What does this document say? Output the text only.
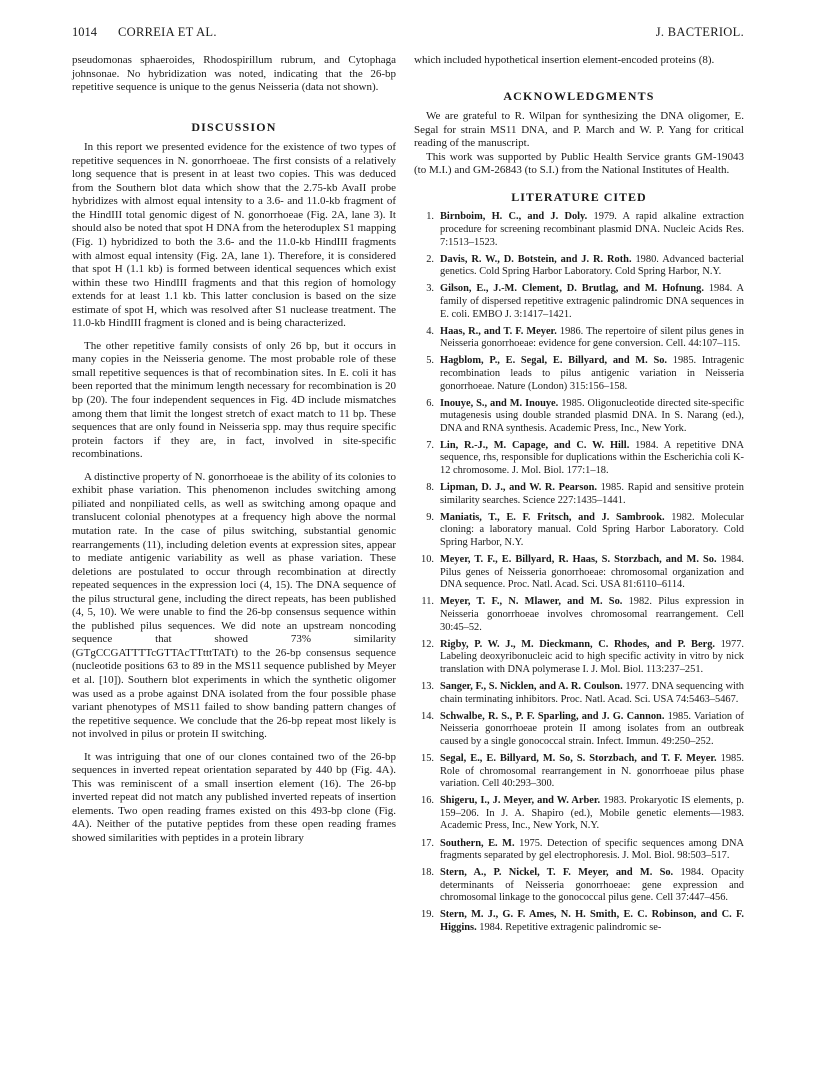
1014 CORREIA ET AL.	J. BACTERIOL.

pseudomonas sphaeroides, Rhodospirillum rubrum, and Cytophaga johnsonae. No hybridization was noted, indicating that the 26-bp repetitive sequence is unique to the genus Neisseria (data not shown).

DISCUSSION

In this report we presented evidence for the existence of two types of repetitive sequences in N. gonorrhoeae. The first consists of a relatively long sequence that is present in at least two copies. This was deduced from the Southern blot data which show that the 2.75-kb AvaII probe hybridizes with almost equal intensity to a 3.6- and 11.0-kb fragment of the HindIII total genomic digest of N. gonorrhoeae (Fig. 2A, lane 3). It should also be noted that spot H DNA from the heteroduplex S1 mapping (Fig. 1) hybridized to both the 3.6- and the 11.0-kb HindIII fragments with almost equal intensity (Fig. 2A, lane 1). Therefore, it is considered that spot H (1.1 kb) is formed between identical sequences which exist within these two HindIII fragments and that this region of homology extends for at least 1.1 kb. This latter conclusion is based on the size estimate of spot H, which was resolved after S1 nuclease treatment. The 11.0-kb HindIII fragment is cloned and is being characterized.

The other repetitive family consists of only 26 bp, but it occurs in many copies in the Neisseria genome. The most probable role of these small repetitive sequences is that of recombination sites. In E. coli it has been reported that the minimum length necessary for recombination is 20 bp (20). The four independent sequences in Fig. 4D include mismatches among them that limit the longest stretch of exact match to 11 bp. These sequences that are only found in Neisseria spp. may thus require specific protein factors if they are, in fact, involved in site-specific recombinations.

A distinctive property of N. gonorrhoeae is the ability of its colonies to exhibit phase variation. This phenomenon includes switching among piliated and nonpiliated cells, as well as switching among opaque and translucent colonial phenotypes at a frequency high above the normal mutation rate. In the case of pilus switching, substantial genomic rearrangements (11), including deletion events at expression sites, appear to mediate antigenic variability as well as phase variation. These deletions are postulated to occur through recombination at directly repeated sequences in the expression loci (4, 15). The DNA sequence of the pilus structural gene, including the direct repeats, has been published (4, 5, 10). We were unable to find the 26-bp consensus sequence within the published pilus sequences. We did note an upstream noncoding sequence that showed 73% similarity (GTgCCGATTTTcGTTAcTTtttTATt) to the 26-bp consensus sequence (nucleotide positions 63 to 89 in the MS11 sequence published by Meyer et al. [10]). Southern blot experiments in which the synthetic oligomer was used as a probe against DNA isolated from the four possible phase variant phenotypes of MS11 failed to show banding pattern changes of the repetitive sequence. We conclude that the 26-bp repeat most likely is not involved in pilus or protein II switching.

It was intriguing that one of our clones contained two of the 26-bp sequences in inverted repeat orientation separated by 440 bp (Fig. 4A). This was reminiscent of a small insertion element (16). The 26-bp inverted repeat did not match any published inverted repeats of insertion elements. Two open reading frames existed on this 493-bp clone (Fig. 4A). Neither of the putative peptides from these open reading frames showed similarities with peptides in a protein library

which included hypothetical insertion element-encoded proteins (8).

ACKNOWLEDGMENTS

We are grateful to R. Wilpan for synthesizing the DNA oligomer, E. Segal for strain MS11 DNA, and P. March and W. P. Yang for critical reading of the manuscript.

This work was supported by Public Health Service grants GM-19043 (to M.I.) and GM-26843 (to S.I.) from the National Institutes of Health.

LITERATURE CITED
1. Birnboim, H. C., and J. Doly. 1979. A rapid alkaline extraction procedure for screening recombinant plasmid DNA. Nucleic Acids Res. 7:1513–1523.
2. Davis, R. W., D. Botstein, and J. R. Roth. 1980. Advanced bacterial genetics. Cold Spring Harbor Laboratory. Cold Spring Harbor, N.Y.
3. Gilson, E., J.-M. Clement, D. Brutlag, and M. Hofnung. 1984. A family of dispersed repetitive extragenic palindromic DNA sequences in E. coli. EMBO J. 3:1417–1421.
4. Haas, R., and T. F. Meyer. 1986. The repertoire of silent pilus genes in Neisseria gonorrhoeae: evidence for gene conversion. Cell. 44:107–115.
5. Hagblom, P., E. Segal, E. Billyard, and M. So. 1985. Intragenic recombination leads to pilus antigenic variation in Neisseria gonorrhoeae. Nature (London) 315:156–158.
6. Inouye, S., and M. Inouye. 1985. Oligonucleotide directed site-specific mutagenesis using double stranded plasmid DNA. In S. Narang (ed.), DNA and RNA synthesis. Academic Press, Inc., New York.
7. Lin, R.-J., M. Capage, and C. W. Hill. 1984. A repetitive DNA sequence, rhs, responsible for duplications within the Escherichia coli K-12 chromosome. J. Mol. Biol. 177:1–18.
8. Lipman, D. J., and W. R. Pearson. 1985. Rapid and sensitive protein similarity searches. Science 227:1435–1441.
9. Maniatis, T., E. F. Fritsch, and J. Sambrook. 1982. Molecular cloning: a laboratory manual. Cold Spring Harbor Laboratory. Cold Spring Harbor, N.Y.
10. Meyer, T. F., E. Billyard, R. Haas, S. Storzbach, and M. So. 1984. Pilus genes of Neisseria gonorrhoeae: chromosomal organization and DNA sequence. Proc. Natl. Acad. Sci. USA 81:6110–6114.
11. Meyer, T. F., N. Mlawer, and M. So. 1982. Pilus expression in Neisseria gonorrhoeae involves chromosomal rearrangement. Cell 30:45–52.
12. Rigby, P. W. J., M. Dieckmann, C. Rhodes, and P. Berg. 1977. Labeling deoxyribonucleic acid to high specific activity in vitro by nick translation with DNA polymerase I. J. Mol. Biol. 113:237–251.
13. Sanger, F., S. Nicklen, and A. R. Coulson. 1977. DNA sequencing with chain terminating inhibitors. Proc. Natl. Acad. Sci. USA 74:5463–5467.
14. Schwalbe, R. S., P. F. Sparling, and J. G. Cannon. 1985. Variation of Neisseria gonorrhoeae protein II among isolates from an outbreak caused by a single gonococcal strain. Infect. Immun. 49:250–252.
15. Segal, E., E. Billyard, M. So, S. Storzbach, and T. F. Meyer. 1985. Role of chromosomal rearrangement in N. gonorrhoeae pilus phase variation. Cell 40:293–300.
16. Shigeru, I., J. Meyer, and W. Arber. 1983. Prokaryotic IS elements, p. 159–206. In J. A. Shapiro (ed.), Mobile genetic elements—1983. Academic Press, Inc., New York, N.Y.
17. Southern, E. M. 1975. Detection of specific sequences among DNA fragments separated by gel electrophoresis. J. Mol. Biol. 98:503–517.
18. Stern, A., P. Nickel, T. F. Meyer, and M. So. 1984. Opacity determinants of Neisseria gonorrhoeae: gene expression and chromosomal linkage to the gonococcal pilus gene. Cell 37:447–456.
19. Stern, M. J., G. F. Ames, N. H. Smith, E. C. Robinson, and C. F. Higgins. 1984. Repetitive extragenic palindromic se-
